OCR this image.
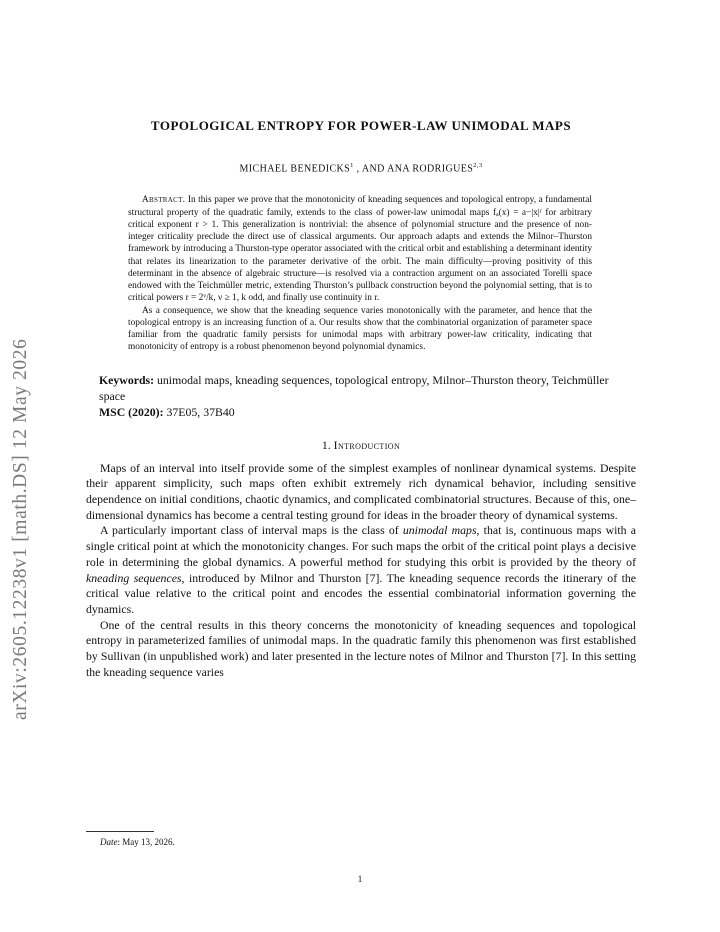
arXiv:2605.12238v1 [math.DS] 12 May 2026
TOPOLOGICAL ENTROPY FOR POWER-LAW UNIMODAL MAPS
MICHAEL BENEDICKS$^1$ , AND ANA RODRIGUES$^{2,3}$

Abstract. In this paper we prove that the monotonicity of kneading sequences and topological entropy, a fundamental structural property of the quadratic family, extends to the class of power-law unimodal maps fₐ(x) = a−|x|ʳ for arbitrary critical exponent r > 1. This generalization is nontrivial: the absence of polynomial structure and the presence of non-integer criticality preclude the direct use of classical arguments. Our approach adapts and extends the Milnor–Thurston framework by introducing a Thurston-type operator associated with the critical orbit and establishing a determinant identity that relates its linearization to the parameter derivative of the orbit. The main difficulty—proving positivity of this determinant in the absence of algebraic structure—is resolved via a contraction argument on an associated Torelli space endowed with the Teichmüller metric, extending Thurston’s pullback construction beyond the polynomial setting, that is to critical powers r = 2ᵛ/k, ν ≥ 1, k odd, and finally use continuity in r.

As a consequence, we show that the kneading sequence varies monotonically with the parameter, and hence that the topological entropy is an increasing function of a. Our results show that the combinatorial organization of parameter space familiar from the quadratic family persists for unimodal maps with arbitrary power-law criticality, indicating that monotonicity of entropy is a robust phenomenon beyond polynomial dynamics.

Keywords: unimodal maps, kneading sequences, topological entropy, Milnor–Thurston theory, Teichmüller space
MSC (2020): 37E05, 37B40
1. Introduction

Maps of an interval into itself provide some of the simplest examples of nonlinear dynamical systems. Despite their apparent simplicity, such maps often exhibit extremely rich dynamical behavior, including sensitive dependence on initial conditions, chaotic dynamics, and complicated combinatorial structures. Because of this, one–dimensional dynamics has become a central testing ground for ideas in the broader theory of dynamical systems.

A particularly important class of interval maps is the class of unimodal maps, that is, continuous maps with a single critical point at which the monotonicity changes. For such maps the orbit of the critical point plays a decisive role in determining the global dynamics. A powerful method for studying this orbit is provided by the theory of kneading sequences, introduced by Milnor and Thurston [7]. The kneading sequence records the itinerary of the critical value relative to the critical point and encodes the essential combinatorial information governing the dynamics.

One of the central results in this theory concerns the monotonicity of kneading sequences and topological entropy in parameterized families of unimodal maps. In the quadratic family this phenomenon was first established by Sullivan (in unpublished work) and later presented in the lecture notes of Milnor and Thurston [7]. In this setting the kneading sequence varies

Date: May 13, 2026.
1
